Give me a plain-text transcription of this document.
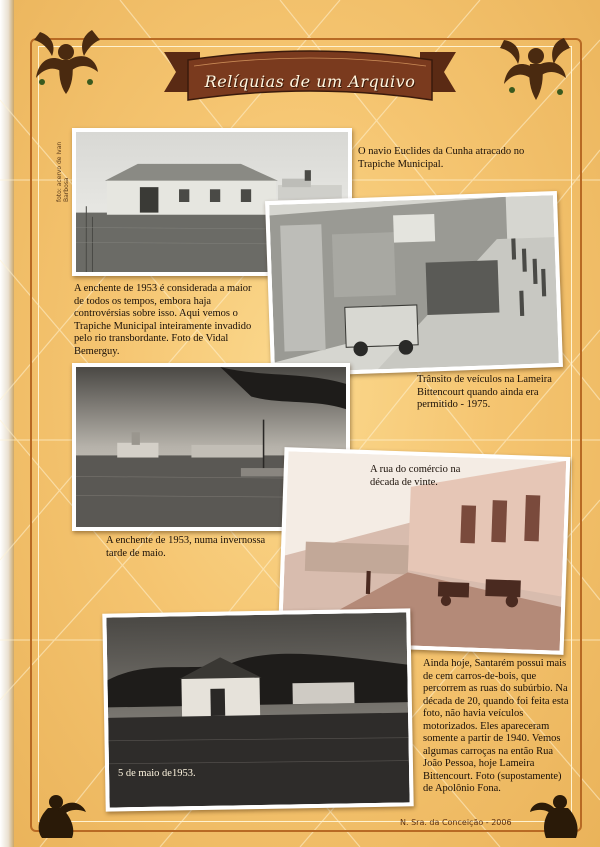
Relíquias de um Arquivo
foto: acervo de Ivan Barbosa
O navio Euclides da Cunha atracado no Trapiche Municipal.
A enchente de 1953 é considerada a maior de todos os tempos, embora haja controvérsias sobre isso. Aqui vemos o Trapiche Municipal inteiramente invadido pelo rio transbordante. Foto de Vidal Bemerguy.
Trânsito de veículos na Lameira Bittencourt quando ainda era permitido - 1975.
A rua do comércio na década de vinte.
A enchente de 1953, numa invernossa tarde de maio.
Ainda hoje, Santarém possui mais de cem carros-de-bois, que percorrem as ruas do subúrbio. Na década de 20, quando foi feita esta foto, não havia veículos motorizados. Eles apareceram somente a partir de 1940. Vemos algumas carroças na então Rua João Pessoa, hoje Lameira Bittencourt. Foto (supostamente) de Apolônio Fona.
5 de maio de1953.
N. Sra. da Conceição - 2006
